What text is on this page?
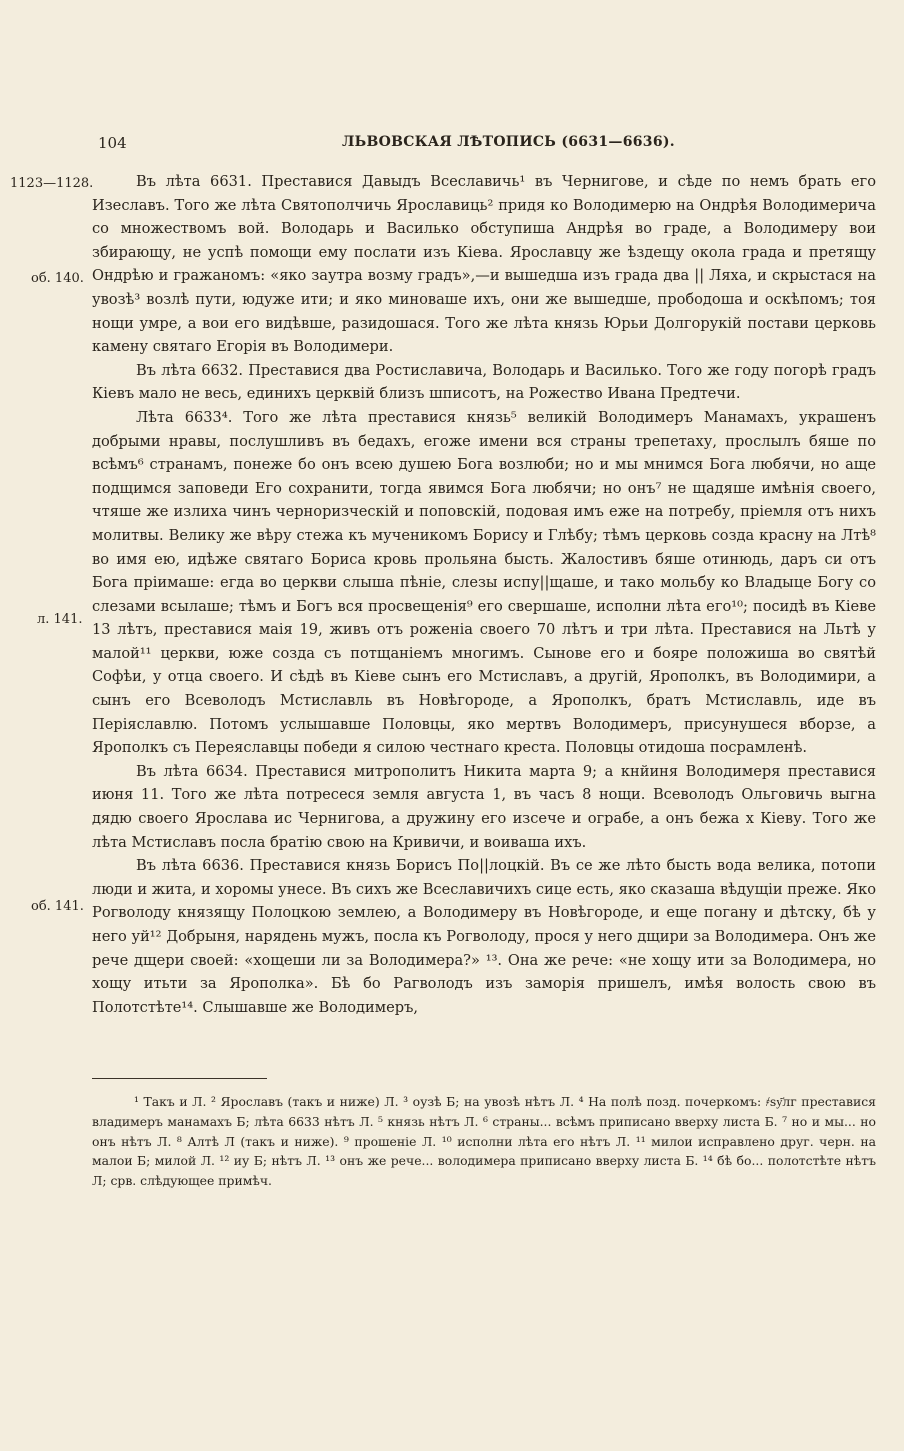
104	ЛЬВОВСКАЯ ЛѢТОПИСЬ (6631—6636).
1123—1128.
об. 140.
л. 141.
об. 141.

Въ лѣта 6631. Преставися Давыдъ Всеславичь¹ въ Чернигове, и сѣде по немъ брать его Изеславъ. Того же лѣта Святополчичь Ярославиць² придя ко Володимерю на Ондрѣя Володимерича со множествомъ вой. Володарь и Василько обступиша Андрѣя во граде, а Володимеру вои збирающу, не успѣ помощи ему послати изъ Кіева. Ярославцу же ѣздещу окола града и претящу Ондрѣю и гражаномъ: «яко заутра возму градъ»,—и вышедша изъ града два || Ляха, и скрыстася на увозѣ³ возлѣ пути, юдуже ити; и яко миноваше ихъ, они же вышедше, прободоша и оскѣпомъ; тоя нощи умре, а вои его видѣвше, разидошася. Того же лѣта князь Юрьи Долгорукій постави церковь камену святаго Егорія въ Володимери.

Въ лѣта 6632. Преставися два Ростиславича, Володарь и Василько. Того же году погорѣ градъ Кіевъ мало не весь, единихъ церквій близъ шписотъ, на Рожество Ивана Предтечи.

Лѣта 6633⁴. Того же лѣта преставися князь⁵ великій Володимеръ Манамахъ, украшенъ добрыми нравы, послушливъ въ бедахъ, егоже имени вся страны трепетаху, прослылъ бяше по всѣмъ⁶ странамъ, понеже бо онъ всею душею Бога возлюби; но и мы мнимся Бога любячи, но аще подщимся заповеди Его сохранити, тогда явимся Бога любячи; но онъ⁷ не щадяше имѣнія своего, чтяше же излиха чинъ черноризческій и поповскій, подовая имъ еже на потребу, пріемля отъ нихъ молитвы. Велику же вѣру стежа къ мученикомъ Борису и Глѣбу; тѣмъ церковь созда красну на Лтѣ⁸ во имя ею, идѣже святаго Бориса кровь прольяна бысть. Жалостивъ бяше отинюдь, даръ си отъ Бога пріимаше: егда во церкви слыша пѣніе, слезы испу||щаше, и тако мольбу ко Владыце Богу со слезами всылаше; тѣмъ и Богъ вся просвещенія⁹ его свершаше, исполни лѣта его¹⁰; посидѣ въ Кіеве 13 лѣтъ, преставися маія 19, живъ отъ роженіа своего 70 лѣтъ и три лѣта. Преставися на Льтѣ у малой¹¹ церкви, юже созда съ потщаніемъ многимъ. Сынове его и бояре положиша во святѣй Софѣи, у отца своего. И сѣдѣ въ Кіеве сынъ его Мстиславъ, а другій, Ярополкъ, въ Володимири, а сынъ его Всеволодъ Мстиславль въ Новѣгороде, а Ярополкъ, братъ Мстиславль, иде въ Періяславлю. Потомъ услышавше Половцы, яко мертвъ Володимеръ, присунушеся вборзе, а Ярополкъ съ Переяславцы победи я силою честнаго креста. Половцы отидоша посрамленѣ.

Въ лѣта 6634. Преставися митрополитъ Никита марта 9; а кнйиня Володимеря преставися июня 11. Того же лѣта потресеся земля августа 1, въ часъ 8 нощи. Всеволодъ Ольговичь выгна дядю своего Ярослава ис Чернигова, а дружину его изсече и ограбе, а онъ бежа х Кіеву. Того же лѣта Мстиславъ посла братію свою на Кривичи, и воиваша ихъ.

Въ лѣта 6636. Преставися князь Борисъ По||лоцкій. Въ се же лѣто бысть вода велика, потопи люди и жита, и хоромы унесе. Въ сихъ же Всеславичихъ сице есть, яко сказаша вѣдущіи преже. Яко Рогволоду князящу Полоцкою землею, а Володимеру въ Новѣгороде, и еще погану и дѣтску, бѣ у него уй¹² Добрыня, нарядень мужъ, посла къ Рогволоду, прося у него дщири за Володимера. Онъ же рече дщери своей: «хощеши ли за Володимера?» ¹³. Она же рече: «не хощу ити за Володимера, но хощу итьти за Ярополка». Бѣ бо Рагволодъ изъ заморія пришелъ, имѣя волость свою въ Полотстѣте¹⁴. Слышавше же Володимеръ,

¹ Такъ и Л. ² Ярославъ (такъ и ниже) Л. ³ оузѣ Б; на увозѣ нѣтъ Л. ⁴ На полѣ позд. почеркомъ: ҂ѕу҃лг преставися владимеръ манамахъ Б; лѣта 6633 нѣтъ Л. ⁵ князь нѣтъ Л. ⁶ страны... всѣмъ приписано вверху листа Б. ⁷ но и мы... но онъ нѣтъ Л. ⁸ Алтѣ Л (такъ и ниже). ⁹ прошеніе Л. ¹⁰ исполни лѣта его нѣтъ Л. ¹¹ милои исправлено друг. черн. на малои Б; милой Л. ¹² иу Б; нѣтъ Л. ¹³ онъ же рече... володимера приписано вверху листа Б. ¹⁴ бѣ бо... полотстѣте нѣтъ Л; срв. слѣдующее примѣч.
